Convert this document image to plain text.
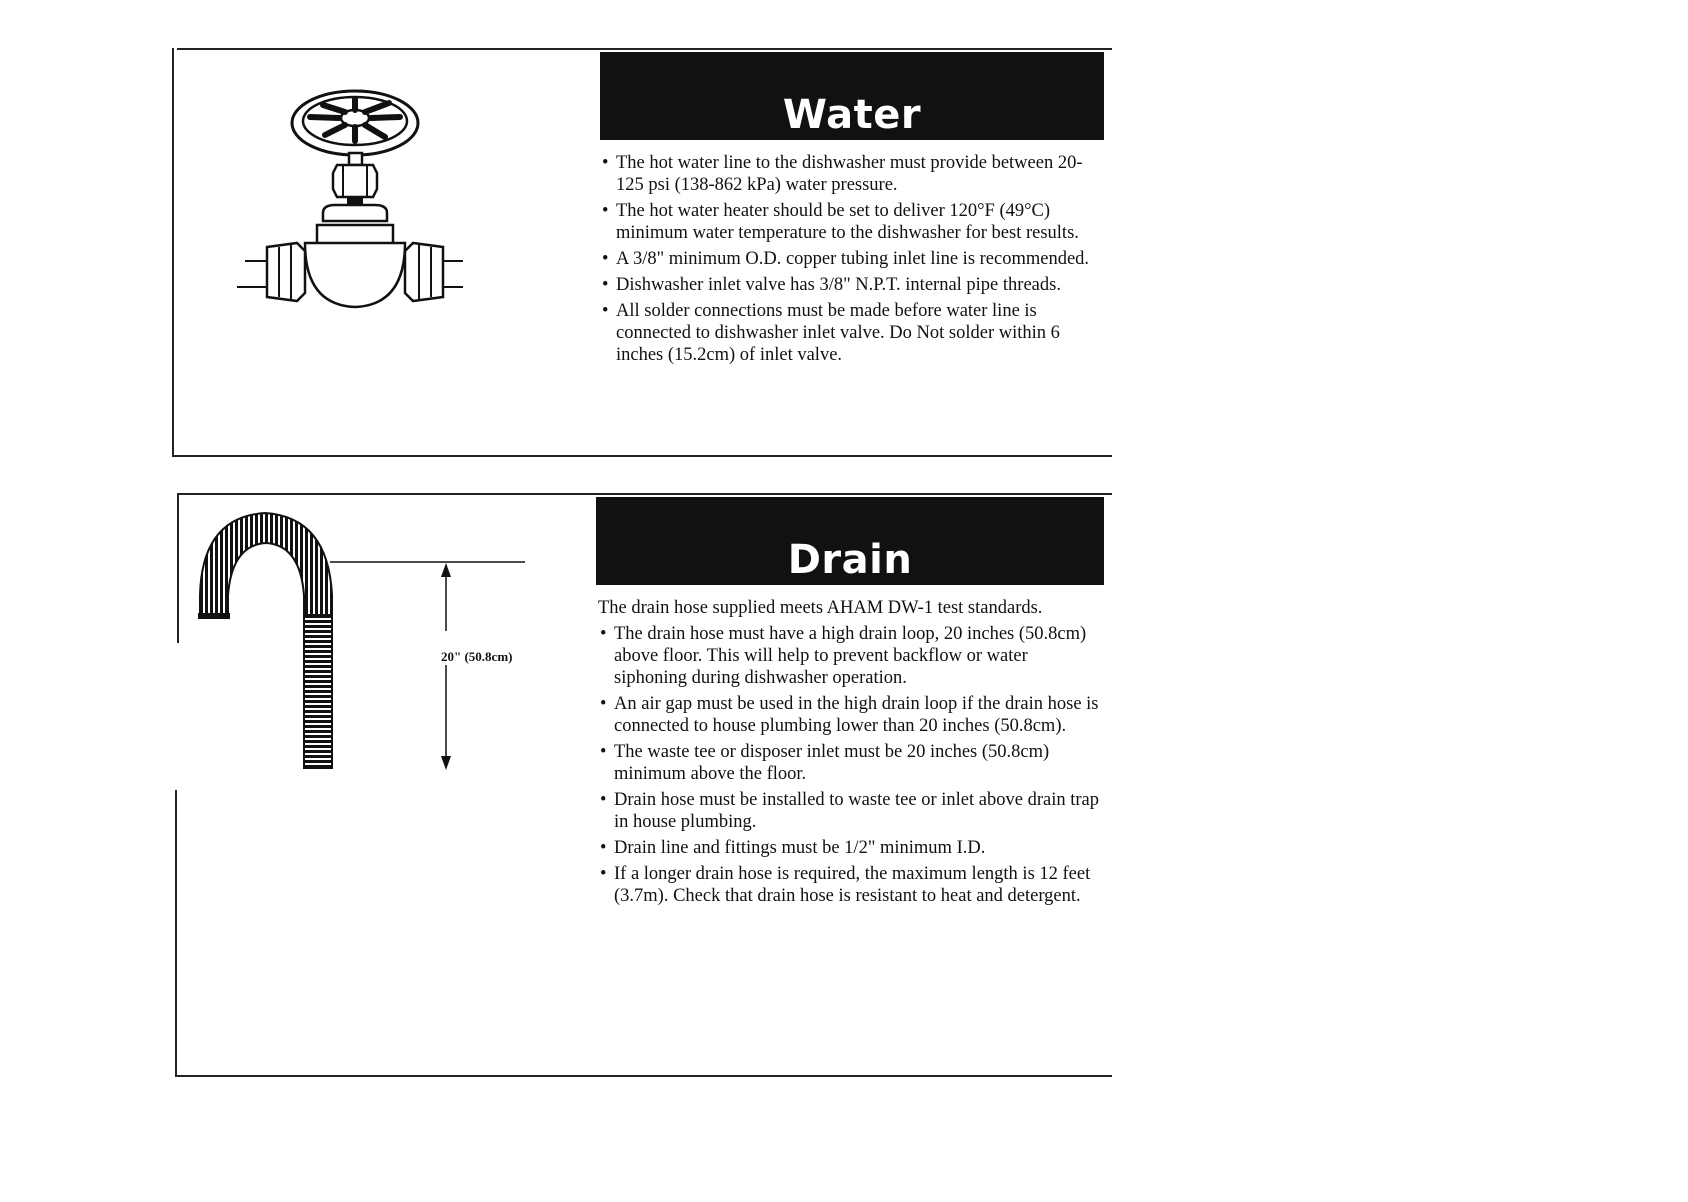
Water
• The hot water line to the dishwasher must provide between 20-125 psi (138-862 kPa) water pressure.
• The hot water heater should be set to deliver 120°F (49°C) minimum water temperature to the dishwasher for best results.
• A 3/8" minimum O.D. copper tubing inlet line is recommended.
• Dishwasher inlet valve has 3/8" N.P.T. internal pipe threads.
• All solder connections must be made before water line is connected to dishwasher inlet valve. Do Not solder within 6 inches (15.2cm) of inlet valve.
20" (50.8cm)
Drain
The drain hose supplied meets AHAM DW-1 test standards.
• The drain hose must have a high drain loop, 20 inches (50.8cm) above floor. This will help to prevent backflow or water siphoning during dishwasher operation.
• An air gap must be used in the high drain loop if the drain hose is connected to house plumbing lower than 20 inches (50.8cm).
• The waste tee or disposer inlet must be 20 inches (50.8cm) minimum above the floor.
• Drain hose must be installed to waste tee or inlet above drain trap in house plumbing.
• Drain line and fittings must be 1/2" minimum I.D.
• If a longer drain hose is required, the maximum length is 12 feet (3.7m). Check that drain hose is resistant to heat and detergent.
